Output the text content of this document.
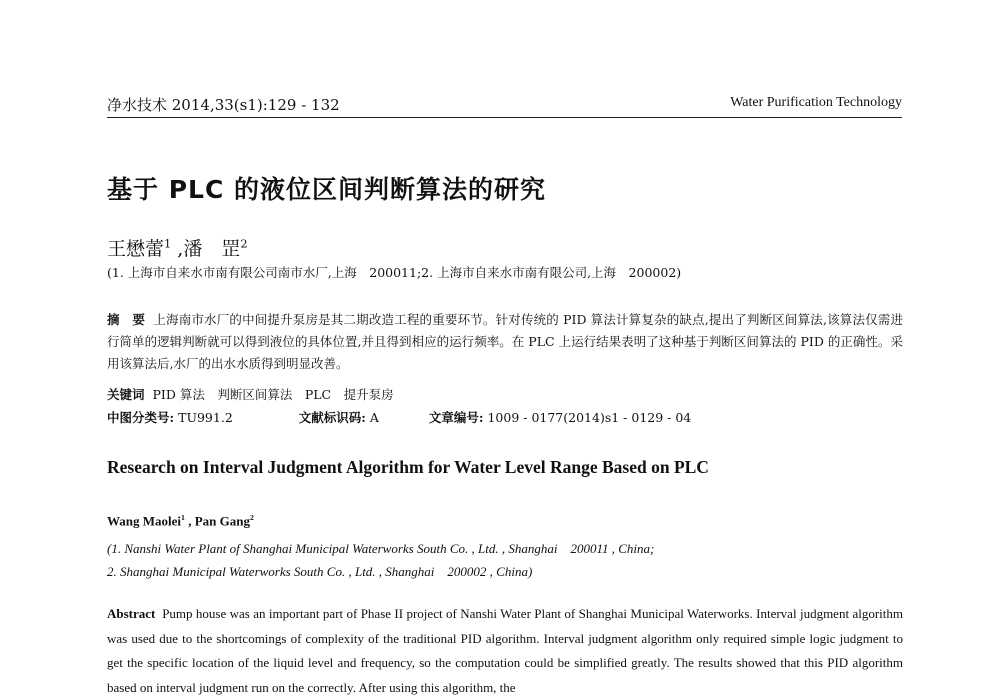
净水技术 2014,33(s1):129 - 132	Water Purification Technology
基于 PLC 的液位区间判断算法的研究
王懋蕾$^1$ ,潘　罡$^2$
(1. 上海市自来水市南有限公司南市水厂,上海　200011;2. 上海市自来水市南有限公司,上海　200002)
摘　要 上海南市水厂的中间提升泵房是其二期改造工程的重要环节。针对传统的 PID 算法计算复杂的缺点,提出了判断区间算法,该算法仅需进行简单的逻辑判断就可以得到液位的具体位置,并且得到相应的运行频率。在 PLC 上运行结果表明了这种基于判断区间算法的 PID 的正确性。采用该算法后,水厂的出水水质得到明显改善。
关键词 PID 算法　判断区间算法　PLC　提升泵房
中图分类号: TU991.2	文献标识码: A	文章编号: 1009 - 0177(2014)s1 - 0129 - 04
Research on Interval Judgment Algorithm for Water Level Range Based on PLC
Wang Maolei$^1$ , Pan Gang$^2$
(1. Nanshi Water Plant of Shanghai Municipal Waterworks South Co. , Ltd. , Shanghai　200011 , China;
2. Shanghai Municipal Waterworks South Co. , Ltd. , Shanghai　200002 , China)
Abstract Pump house was an important part of Phase II project of Nanshi Water Plant of Shanghai Municipal Waterworks. Interval judgment algorithm was used due to the shortcomings of complexity of the traditional PID algorithm. Interval judgment algorithm only required simple logic judgment to get the specific location of the liquid level and frequency, so the computation could be simplified greatly. The results showed that this PID algorithm based on interval judgment run on the correctly. After using this algorithm, the
